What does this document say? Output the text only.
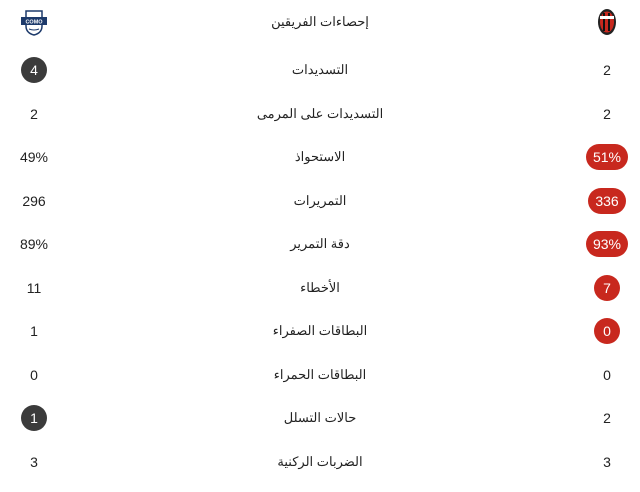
COMO	إحصاءات الفريقين
4	التسديدات	2
2	التسديدات على المرمى	2
49%	الاستحواذ	51%
296	التمريرات	336
89%	دقة التمرير	93%
11	الأخطاء	7
1	البطاقات الصفراء	0
0	البطاقات الحمراء	0
1	حالات التسلل	2
3	الضربات الركنية	3
